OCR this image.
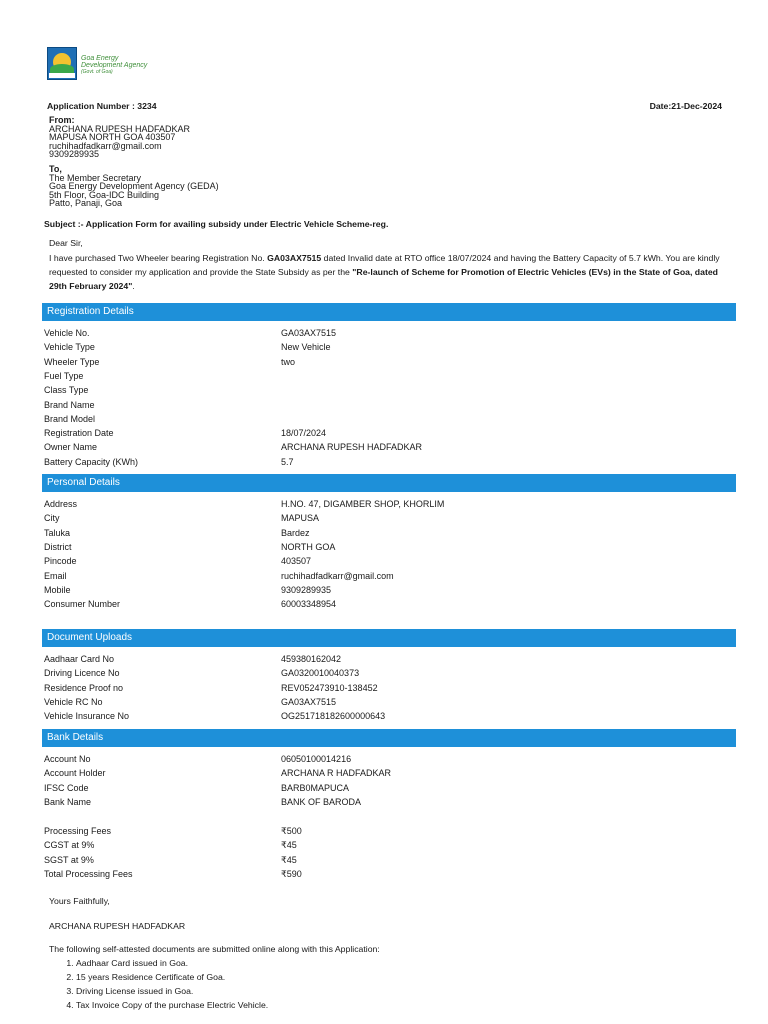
Goa Energy
Development Agency
(Govt. of Goa)
Application Number : 3234	Date:21-Dec-2024
From:
ARCHANA RUPESH HADFADKAR
MAPUSA NORTH GOA 403507
ruchihadfadkarr@gmail.com
9309289935
To,
The Member Secretary
Goa Energy Development Agency (GEDA)
5th Floor, Goa-IDC Building
Patto, Panaji, Goa
Subject :- Application Form for availing subsidy under Electric Vehicle Scheme-reg.
Dear Sir,
I have purchased Two Wheeler bearing Registration No. GA03AX7515 dated Invalid date at RTO office 18/07/2024 and having the Battery Capacity of 5.7 kWh. You are kindly requested to consider my application and provide the State Subsidy as per the "Re-launch of Scheme for Promotion of Electric Vehicles (EVs) in the State of Goa, dated 29th February 2024".
Registration Details
Vehicle No.	GA03AX7515
Vehicle Type	New Vehicle
Wheeler Type	two
Fuel Type
Class Type
Brand Name
Brand Model
Registration Date	18/07/2024
Owner Name	ARCHANA RUPESH HADFADKAR
Battery Capacity (KWh)	5.7
Personal Details
Address	H.NO. 47, DIGAMBER SHOP, KHORLIM
City	MAPUSA
Taluka	Bardez
District	NORTH GOA
Pincode	403507
Email	ruchihadfadkarr@gmail.com
Mobile	9309289935
Consumer Number	60003348954
Document Uploads
Aadhaar Card No	459380162042
Driving Licence No	GA0320010040373
Residence Proof no	REV052473910-138452
Vehicle RC No	GA03AX7515
Vehicle Insurance No	OG251718182600000643
Bank Details
Account No	06050100014216
Account Holder	ARCHANA R HADFADKAR
IFSC Code	BARB0MAPUCA
Bank Name	BANK OF BARODA
Processing Fees	₹500
CGST at 9%	₹45
SGST at 9%	₹45
Total Processing Fees	₹590
Yours Faithfully,
ARCHANA RUPESH HADFADKAR
The following self-attested documents are submitted online along with this Application:
1. Aadhaar Card issued in Goa.
2. 15 years Residence Certificate of Goa.
3. Driving License issued in Goa.
4. Tax Invoice Copy of the purchase Electric Vehicle.
